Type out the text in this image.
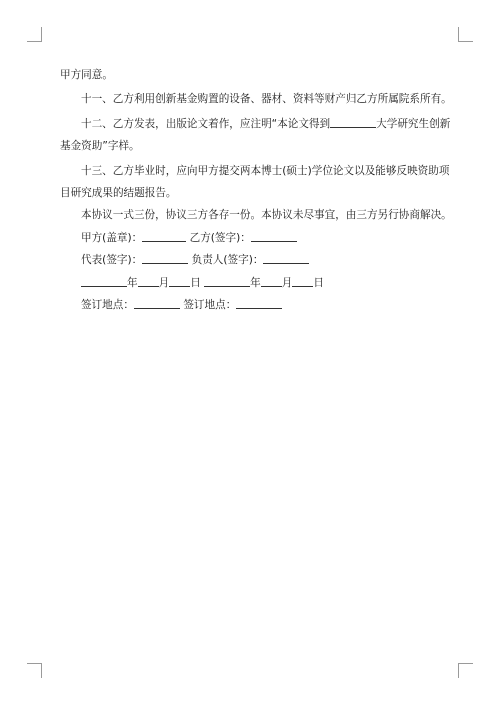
甲方同意。
十一、乙方利用创新基金购置的设备、器材、资料等财产归乙方所属院系所有。
十二、乙方发表，出版论文着作，应注明“本论文得到	大学研究生创新
基金资助”字样。
十三、乙方毕业时，应向甲方提交两本博士(硕士)学位论文以及能够反映资助项
目研究成果的结题报告。
本协议一式三份，协议三方各存一份。本协议未尽事宜，由三方另行协商解决。
甲方(盖章)：	乙方(签字)：
代表(签字)：	负责人(签字)：
年 月 日	年 月 日
签订地点：	签订地点：
